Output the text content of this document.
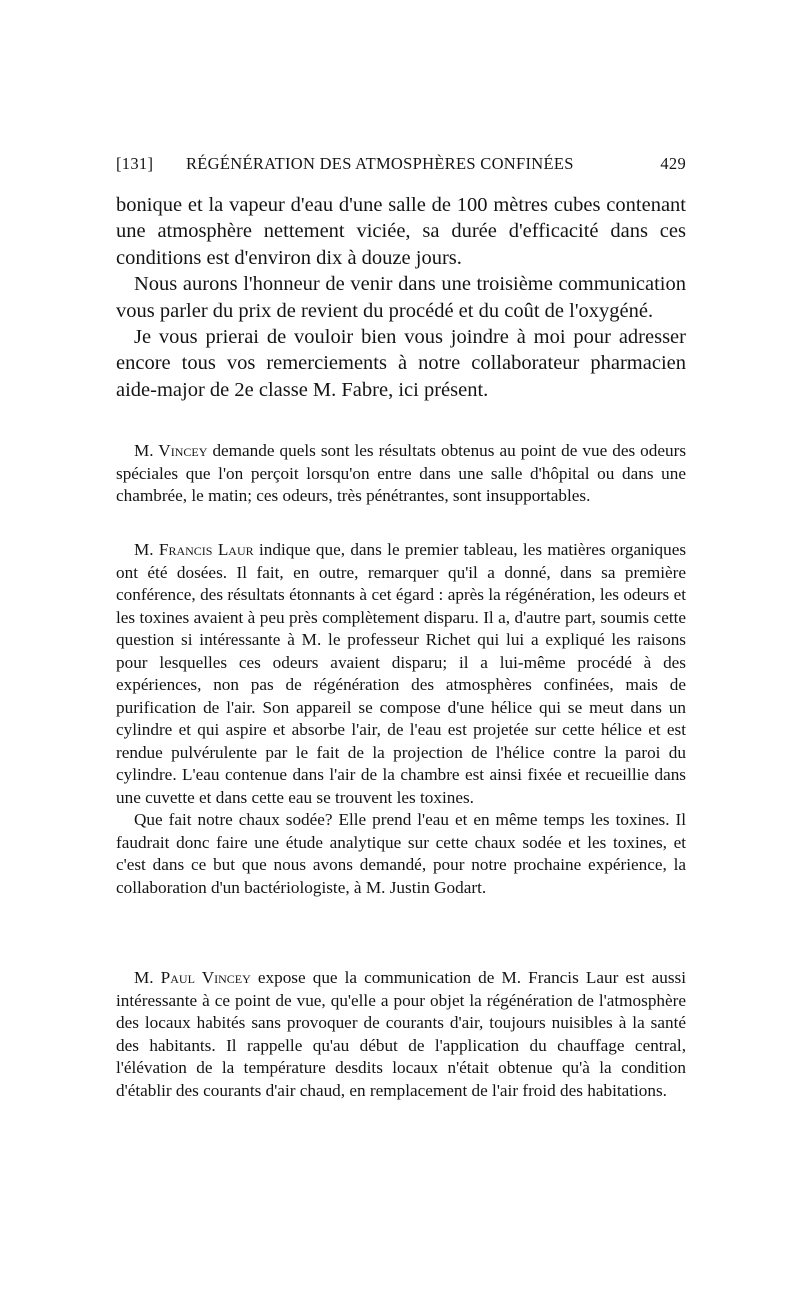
[131] RÉGÉNÉRATION DES ATMOSPHÈRES CONFINÉES	429

bonique et la vapeur d'eau d'une salle de 100 mètres cubes contenant une atmosphère nettement viciée, sa durée d'efficacité dans ces conditions est d'environ dix à douze jours.

Nous aurons l'honneur de venir dans une troisième communication vous parler du prix de revient du procédé et du coût de l'oxygéné.

Je vous prierai de vouloir bien vous joindre à moi pour adresser encore tous vos remerciements à notre collaborateur pharmacien aide-major de 2e classe M. Fabre, ici présent.

M. Vincey demande quels sont les résultats obtenus au point de vue des odeurs spéciales que l'on perçoit lorsqu'on entre dans une salle d'hôpital ou dans une chambrée, le matin; ces odeurs, très pénétrantes, sont insupportables.

M. Francis Laur indique que, dans le premier tableau, les matières organiques ont été dosées. Il fait, en outre, remarquer qu'il a donné, dans sa première conférence, des résultats étonnants à cet égard : après la régénération, les odeurs et les toxines avaient à peu près complètement disparu. Il a, d'autre part, soumis cette question si intéressante à M. le professeur Richet qui lui a expliqué les raisons pour lesquelles ces odeurs avaient disparu; il a lui-même procédé à des expériences, non pas de régénération des atmosphères confinées, mais de purification de l'air. Son appareil se compose d'une hélice qui se meut dans un cylindre et qui aspire et absorbe l'air, de l'eau est projetée sur cette hélice et est rendue pulvérulente par le fait de la projection de l'hélice contre la paroi du cylindre. L'eau contenue dans l'air de la chambre est ainsi fixée et recueillie dans une cuvette et dans cette eau se trouvent les toxines.

Que fait notre chaux sodée? Elle prend l'eau et en même temps les toxines. Il faudrait donc faire une étude analytique sur cette chaux sodée et les toxines, et c'est dans ce but que nous avons demandé, pour notre prochaine expérience, la collaboration d'un bactériologiste, à M. Justin Godart.

M. Paul Vincey expose que la communication de M. Francis Laur est aussi intéressante à ce point de vue, qu'elle a pour objet la régénération de l'atmosphère des locaux habités sans provoquer de courants d'air, toujours nuisibles à la santé des habitants. Il rappelle qu'au début de l'application du chauffage central, l'élévation de la température desdits locaux n'était obtenue qu'à la condition d'établir des courants d'air chaud, en remplacement de l'air froid des habitations.
